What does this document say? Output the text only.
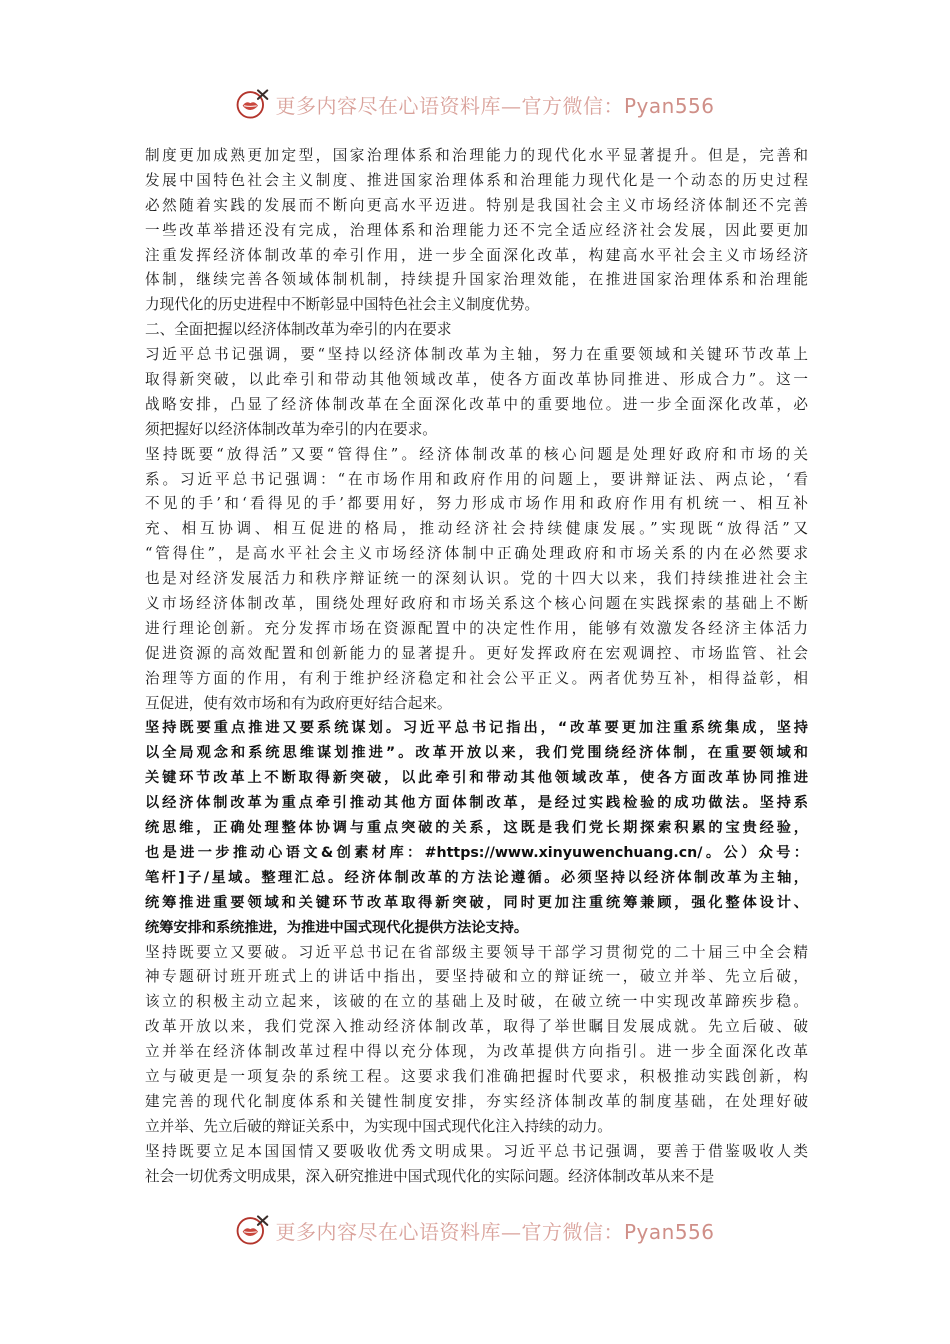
更多内容尽在心语资料库—官方微信：Pyan556
制度更加成熟更加定型，国家治理体系和治理能力的现代化水平显著提升。但是，完善和
发展中国特色社会主义制度、推进国家治理体系和治理能力现代化是一个动态的历史过程
必然随着实践的发展而不断向更高水平迈进。特别是我国社会主义市场经济体制还不完善
一些改革举措还没有完成，治理体系和治理能力还不完全适应经济社会发展，因此要更加
注重发挥经济体制改革的牵引作用，进一步全面深化改革，构建高水平社会主义市场经济
体制，继续完善各领域体制机制，持续提升国家治理效能，在推进国家治理体系和治理能
力现代化的历史进程中不断彰显中国特色社会主义制度优势。
二、全面把握以经济体制改革为牵引的内在要求
习近平总书记强调，要“坚持以经济体制改革为主轴，努力在重要领域和关键环节改革上
取得新突破，以此牵引和带动其他领域改革，使各方面改革协同推进、形成合力”。这一
战略安排，凸显了经济体制改革在全面深化改革中的重要地位。进一步全面深化改革，必
须把握好以经济体制改革为牵引的内在要求。
坚持既要“放得活”又要“管得住”。经济体制改革的核心问题是处理好政府和市场的关
系。习近平总书记强调：“在市场作用和政府作用的问题上，要讲辩证法、两点论，‘看
不见的手’和‘看得见的手’都要用好，努力形成市场作用和政府作用有机统一、相互补
充、相互协调、相互促进的格局，推动经济社会持续健康发展。”实现既“放得活”又
“管得住”，是高水平社会主义市场经济体制中正确处理政府和市场关系的内在必然要求
也是对经济发展活力和秩序辩证统一的深刻认识。党的十四大以来，我们持续推进社会主
义市场经济体制改革，围绕处理好政府和市场关系这个核心问题在实践探索的基础上不断
进行理论创新。充分发挥市场在资源配置中的决定性作用，能够有效激发各经济主体活力
促进资源的高效配置和创新能力的显著提升。更好发挥政府在宏观调控、市场监管、社会
治理等方面的作用，有利于维护经济稳定和社会公平正义。两者优势互补，相得益彰，相
互促进，使有效市场和有为政府更好结合起来。
坚持既要重点推进又要系统谋划。习近平总书记指出，“改革要更加注重系统集成，坚持
以全局观念和系统思维谋划推进”。改革开放以来，我们党围绕经济体制，在重要领域和
关键环节改革上不断取得新突破，以此牵引和带动其他领域改革，使各方面改革协同推进
以经济体制改革为重点牵引推动其他方面体制改革，是经过实践检验的成功做法。坚持系
统思维，正确处理整体协调与重点突破的关系，这既是我们党长期探索积累的宝贵经验，
也是进一步推动心语文&创素材库：#https://www.xinyuwenchuang.cn/。公）众号：
笔杆]子/星域。整理汇总。经济体制改革的方法论遵循。必须坚持以经济体制改革为主轴，
统筹推进重要领域和关键环节改革取得新突破，同时更加注重统筹兼顾，强化整体设计、
统筹安排和系统推进，为推进中国式现代化提供方法论支持。
坚持既要立又要破。习近平总书记在省部级主要领导干部学习贯彻党的二十届三中全会精
神专题研讨班开班式上的讲话中指出，要坚持破和立的辩证统一，破立并举、先立后破，
该立的积极主动立起来，该破的在立的基础上及时破，在破立统一中实现改革蹄疾步稳。
改革开放以来，我们党深入推动经济体制改革，取得了举世瞩目发展成就。先立后破、破
立并举在经济体制改革过程中得以充分体现，为改革提供方向指引。进一步全面深化改革
立与破更是一项复杂的系统工程。这要求我们准确把握时代要求，积极推动实践创新，构
建完善的现代化制度体系和关键性制度安排，夯实经济体制改革的制度基础，在处理好破
立并举、先立后破的辩证关系中，为实现中国式现代化注入持续的动力。
坚持既要立足本国国情又要吸收优秀文明成果。习近平总书记强调，要善于借鉴吸收人类
社会一切优秀文明成果，深入研究推进中国式现代化的实际问题。经济体制改革从来不是
更多内容尽在心语资料库—官方微信：Pyan556
